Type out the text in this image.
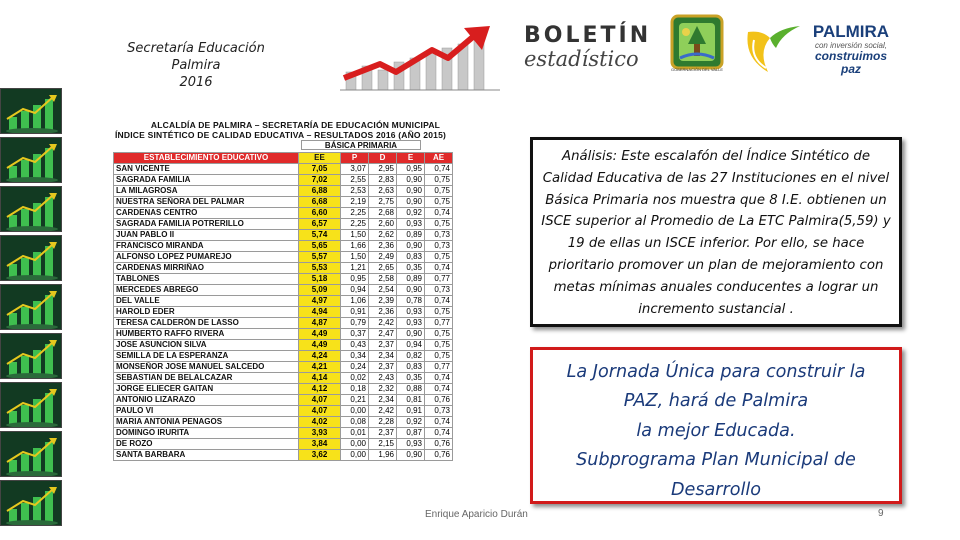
Secretaría Educación
Palmira
2016
BOLETÍN
estadístico	GOBERNACIÓN DEL VALLE
PALMIRA
con inversión social,
construimos paz
ALCALDÍA DE PALMIRA – SECRETARÍA DE EDUCACIÓN MUNICIPAL
ÍNDICE SINTÉTICO DE CALIDAD EDUCATIVA – RESULTADOS 2016 (AÑO 2015)
BÁSICA PRIMARIA
ESTABLECIMIENTO EDUCATIVO	EE	P	D	E	AE
SAN VICENTE	7,05	3,07	2,95	0,95	0,74
SAGRADA FAMILIA	7,02	2,55	2,83	0,90	0,75
LA MILAGROSA	6,88	2,53	2,63	0,90	0,75
NUESTRA SEÑORA DEL PALMAR	6,68	2,19	2,75	0,90	0,75
CARDENAS CENTRO	6,60	2,25	2,68	0,92	0,74
SAGRADA FAMILIA POTRERILLO	6,57	2,25	2,60	0,93	0,75
JUAN PABLO II	5,74	1,50	2,62	0,89	0,73
FRANCISCO MIRANDA	5,65	1,66	2,36	0,90	0,73
ALFONSO LOPEZ PUMAREJO	5,57	1,50	2,49	0,83	0,75
CARDENAS MIRRIÑAO	5,53	1,21	2,65	0,35	0,74
TABLONES	5,18	0,95	2,58	0,89	0,77
MERCEDES ABREGO	5,09	0,94	2,54	0,90	0,73
DEL VALLE	4,97	1,06	2,39	0,78	0,74
HAROLD EDER	4,94	0,91	2,36	0,93	0,75
TERESA CALDERÓN DE LASSO	4,87	0,79	2,42	0,93	0,77
HUMBERTO RAFFO RIVERA	4,49	0,37	2,47	0,90	0,75
JOSE ASUNCION SILVA	4,49	0,43	2,37	0,94	0,75
SEMILLA DE LA ESPERANZA	4,24	0,34	2,34	0,82	0,75
MONSEÑOR JOSE MANUEL SALCEDO	4,21	0,24	2,37	0,83	0,77
SEBASTIAN DE BELALCAZAR	4,14	0,02	2,43	0,35	0,74
JORGE ELIECER GAITAN	4,12	0,18	2,32	0,88	0,74
ANTONIO LIZARAZO	4,07	0,21	2,34	0,81	0,76
PAULO VI	4,07	0,00	2,42	0,91	0,73
MARIA ANTONIA PENAGOS	4,02	0,08	2,28	0,92	0,74
DOMINGO IRURITA	3,93	0,01	2,37	0,87	0,74
DE ROZO	3,84	0,00	2,15	0,93	0,76
SANTA BARBARA	3,62	0,00	1,96	0,90	0,76
Análisis: Este escalafón del Índice Sintético de Calidad Educativa de las 27 Instituciones en el nivel Básica Primaria nos muestra que 8 I.E. obtienen un ISCE superior al Promedio de La ETC Palmira(5,59) y 19 de ellas un ISCE inferior. Por ello, se hace prioritario promover un plan de mejoramiento con metas mínimas anuales conducentes a lograr un incremento sustancial .
La Jornada Única para construir la
PAZ, hará de Palmira
la mejor Educada.
Subprograma Plan Municipal de
Desarrollo
Enrique Aparicio Durán	9
